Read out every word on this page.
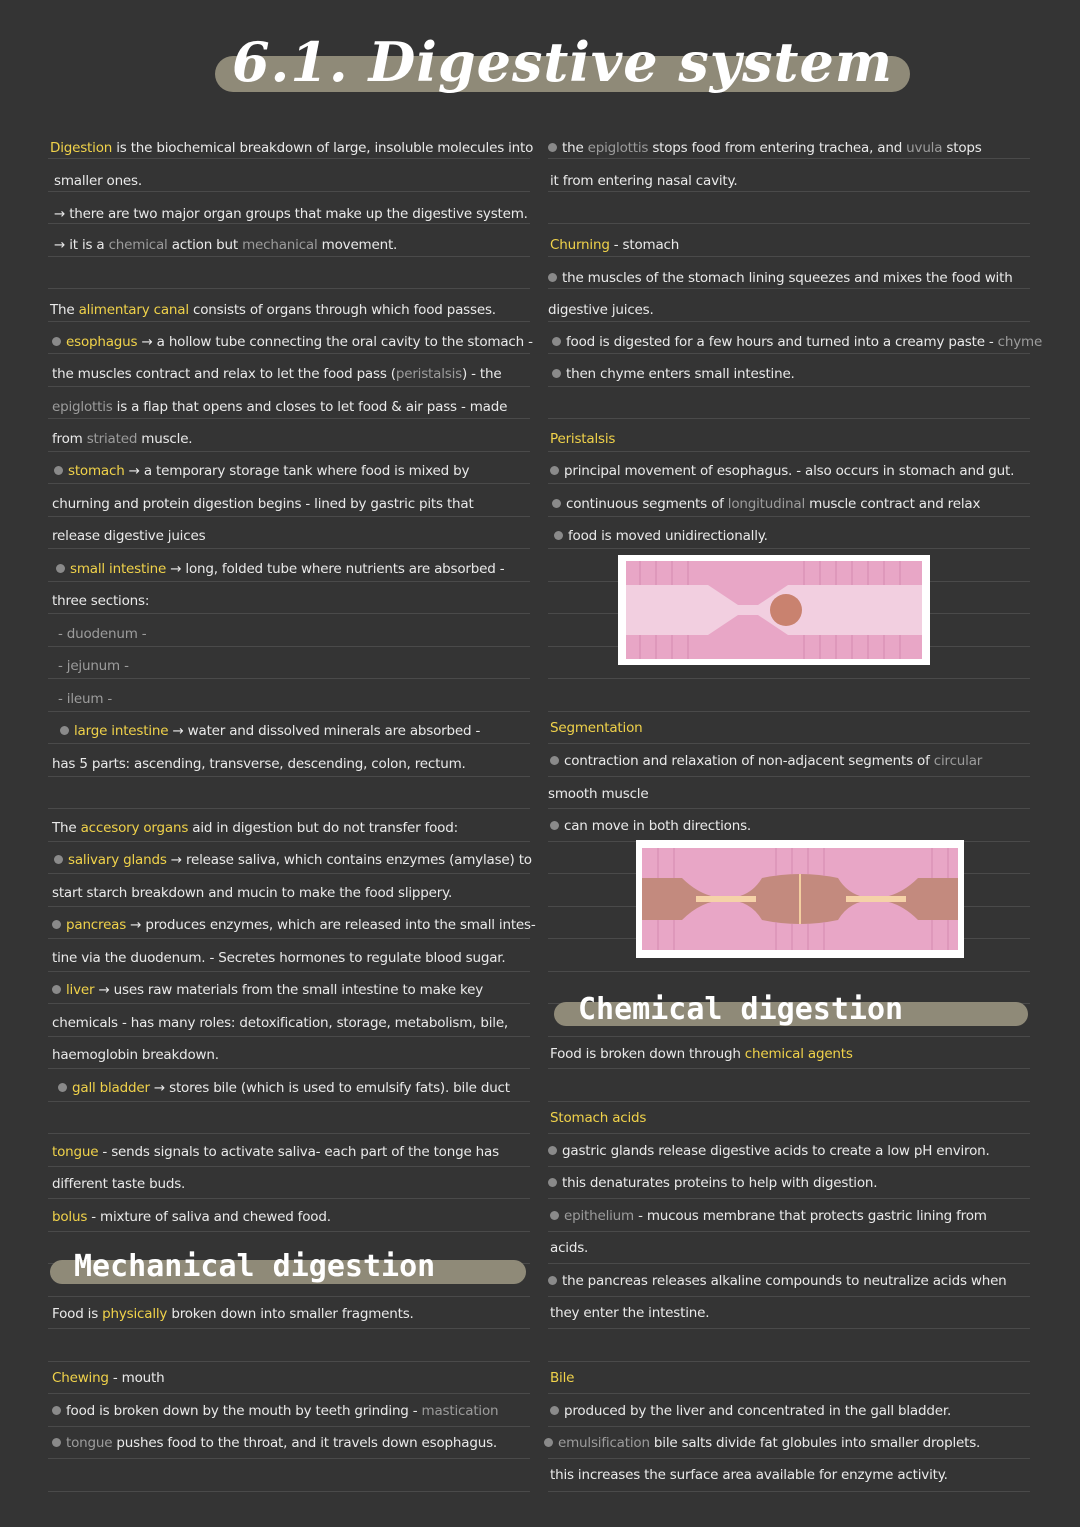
6.1. Digestive system
Digestion is the biochemical breakdown of large, insoluble molecules into
smaller ones.
→ there are two major organ groups that make up the digestive system.
→ it is a chemical action but mechanical movement.
The alimentary canal consists of organs through which food passes.
esophagus → a hollow tube connecting the oral cavity to the stomach -
the muscles contract and relax to let the food pass (peristalsis) - the
epiglottis is a flap that opens and closes to let food & air pass - made
from striated muscle.
stomach → a temporary storage tank where food is mixed by
churning and protein digestion begins - lined by gastric pits that
release digestive juices
small intestine → long, folded tube where nutrients are absorbed -
three sections:
- duodenum -
- jejunum -
- ileum -
large intestine → water and dissolved minerals are absorbed -
has 5 parts: ascending, transverse, descending, colon, rectum.
The accesory organs aid in digestion but do not transfer food:
salivary glands → release saliva, which contains enzymes (amylase) to
start starch breakdown and mucin to make the food slippery.
pancreas → produces enzymes, which are released into the small intes-
tine via the duodenum. - Secretes hormones to regulate blood sugar.
liver → uses raw materials from the small intestine to make key
chemicals - has many roles: detoxification, storage, metabolism, bile,
haemoglobin breakdown.
gall bladder → stores bile (which is used to emulsify fats). bile duct
tongue - sends signals to activate saliva- each part of the tonge has
different taste buds.
bolus - mixture of saliva and chewed food.
Mechanical digestion
Food is physically broken down into smaller fragments.
Chewing - mouth
food is broken down by the mouth by teeth grinding - mastication
tongue pushes food to the throat, and it travels down esophagus.
the epiglottis stops food from entering trachea, and uvula stops
it from entering nasal cavity.
Churning - stomach
the muscles of the stomach lining squeezes and mixes the food with
digestive juices.
food is digested for a few hours and turned into a creamy paste - chyme
then chyme enters small intestine.
Peristalsis
principal movement of esophagus. - also occurs in stomach and gut.
continuous segments of longitudinal muscle contract and relax
food is moved unidirectionally.
Segmentation
contraction and relaxation of non-adjacent segments of circular
smooth muscle
can move in both directions.
Chemical digestion
Food is broken down through chemical agents
Stomach acids
gastric glands release digestive acids to create a low pH environ.
this denaturates proteins to help with digestion.
epithelium - mucous membrane that protects gastric lining from
acids.
the pancreas releases alkaline compounds to neutralize acids when
they enter the intestine.
Bile
produced by the liver and concentrated in the gall bladder.
emulsification bile salts divide fat globules into smaller droplets.
this increases the surface area available for enzyme activity.
